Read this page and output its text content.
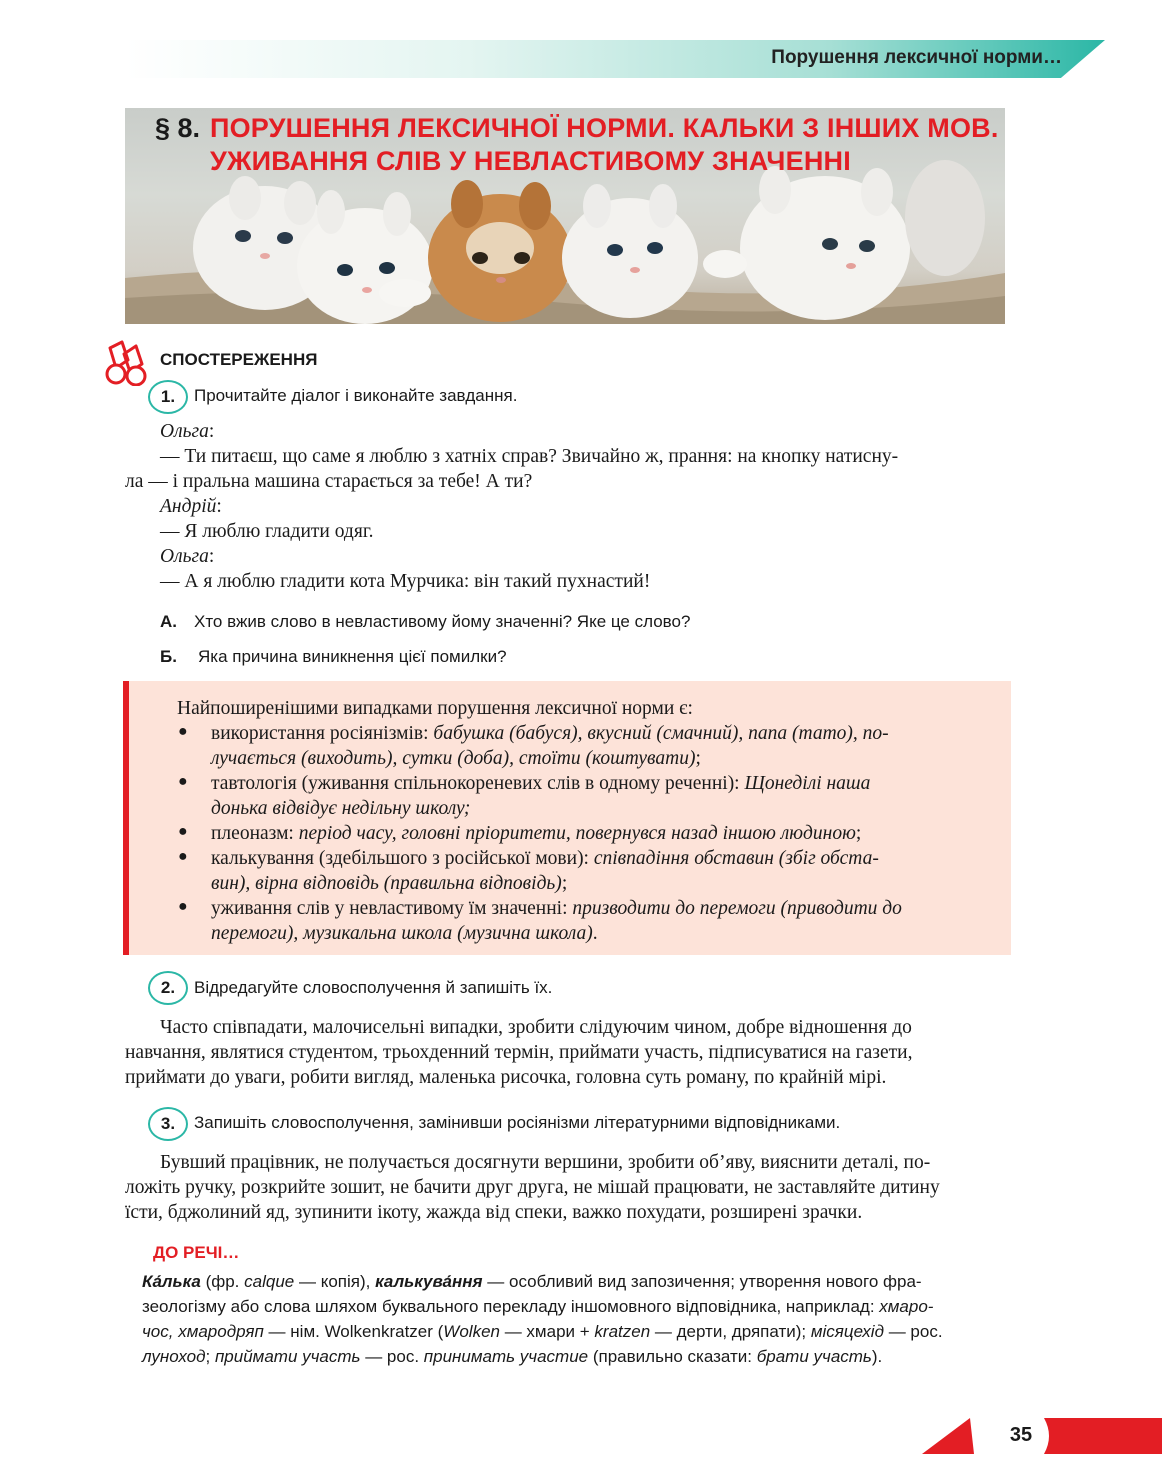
Порушення лексичної норми…
§ 8. ПОРУШЕННЯ ЛЕКСИЧНОЇ НОРМИ. КАЛЬКИ З ІНШИХ МОВ.
УЖИВАННЯ СЛІВ У НЕВЛАСТИВОМУ ЗНАЧЕННІ
СПОСТЕРЕЖЕННЯ
1.	Прочитайте діалог і виконайте завдання.
Ольга:
— Ти питаєш, що саме я люблю з хатніх справ? Звичайно ж, прання: на кнопку натисну-
ла — і пральна машина старається за тебе! А ти?
Андрій:
— Я люблю гладити одяг.
Ольга:
— А я люблю гладити кота Мурчика: він такий пухнастий!
А. Хто вжив слово в невластивому йому значенні? Яке це слово?
Б. Яка причина виникнення цієї помилки?
Найпоширенішими випадками порушення лексичної норми є:
● використання росіянізмів: бабушка (бабуся), вкусний (смачний), папа (тато), по-
лучається (виходить), сутки (доба), стоїти (коштувати);
● тавтологія (уживання спільнокореневих слів в одному реченні): Щонеділі наша
донька відвідує недільну школу;
● плеоназм: період часу, головні пріоритети, повернувся назад іншою людиною;
● калькування (здебільшого з російської мови): співпадіння обставин (збіг обста-
вин), вірна відповідь (правильна відповідь);
● уживання слів у невластивому їм значенні: призводити до перемоги (приводити до
перемоги), музикальна школа (музична школа).
2.	Відредагуйте словосполучення й запишіть їх.
Часто співпадати, малочисельні випадки, зробити слідуючим чином, добре відношення до
навчання, являтися студентом, трьохденний термін, приймати участь, підписуватися на газети,
приймати до уваги, робити вигляд, маленька рисочка, головна суть роману, по крайній мірі.
3.	Запишіть словосполучення, замінивши росіянізми літературними відповідниками.
Бувший працівник, не получається досягнути вершини, зробити об’яву, вияснити деталі, по-
ложіть ручку, розкрийте зошит, не бачити друг друга, не мішай працювати, не заставляйте дитину
їсти, бджолиний яд, зупинити ікоту, жажда від спеки, важко похудати, розширені зрачки.
ДО РЕЧІ…
Ка́лька (фр. calque — копія), калькува́ння — особливий вид запозичення; утворення нового фра-
зеологізму або слова шляхом буквального перекладу іншомовного відповідника, наприклад: хмаро-
чос, хмародряп — нім. Wolkenkratzer (Wolken — хмари + kratzen — дерти, дряпати); місяцехід — рос.
луноход; приймати участь — рос. принимать участие (правильно сказати: брати участь).
35
